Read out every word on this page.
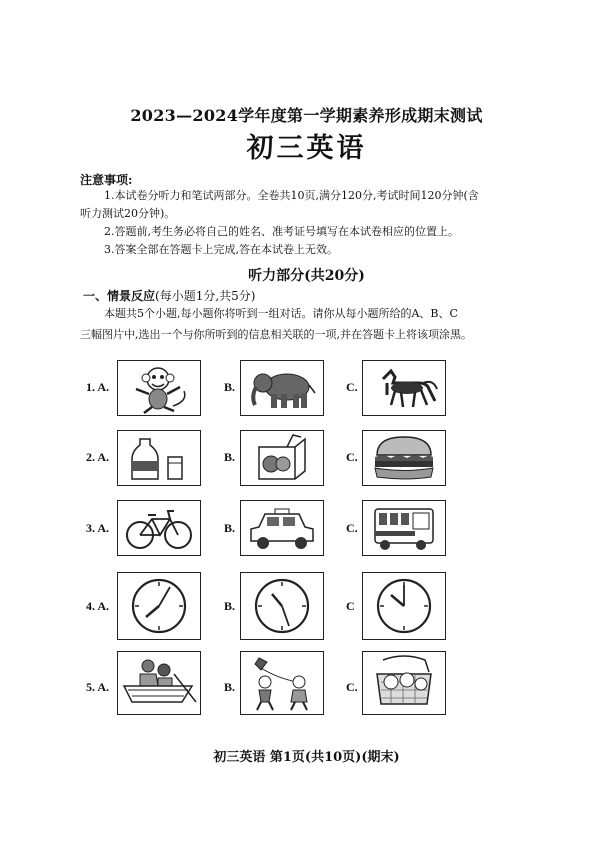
2023—2024学年度第一学期素养形成期末测试
初三英语
注意事项:
1.本试卷分听力和笔试两部分。全卷共10页,满分120分,考试时间120分钟(含
听力测试20分钟)。
2.答题前,考生务必将自己的姓名、准考证号填写在本试卷相应的位置上。
3.答案全部在答题卡上完成,答在本试卷上无效。
听力部分(共20分)
一、情景反应(每小题1分,共5分)
本题共5个小题,每小题你将听到一组对话。请你从每小题所给的A、B、C
三幅图片中,选出一个与你所听到的信息相关联的一项,并在答题卡上将该项涂黑。
1. A.	B.	C.
2. A.	B.	C.
3. A.	B.	C.
4. A.	B.	C
5. A.	B.	C.
初三英语 第1页(共10页)(期末)
